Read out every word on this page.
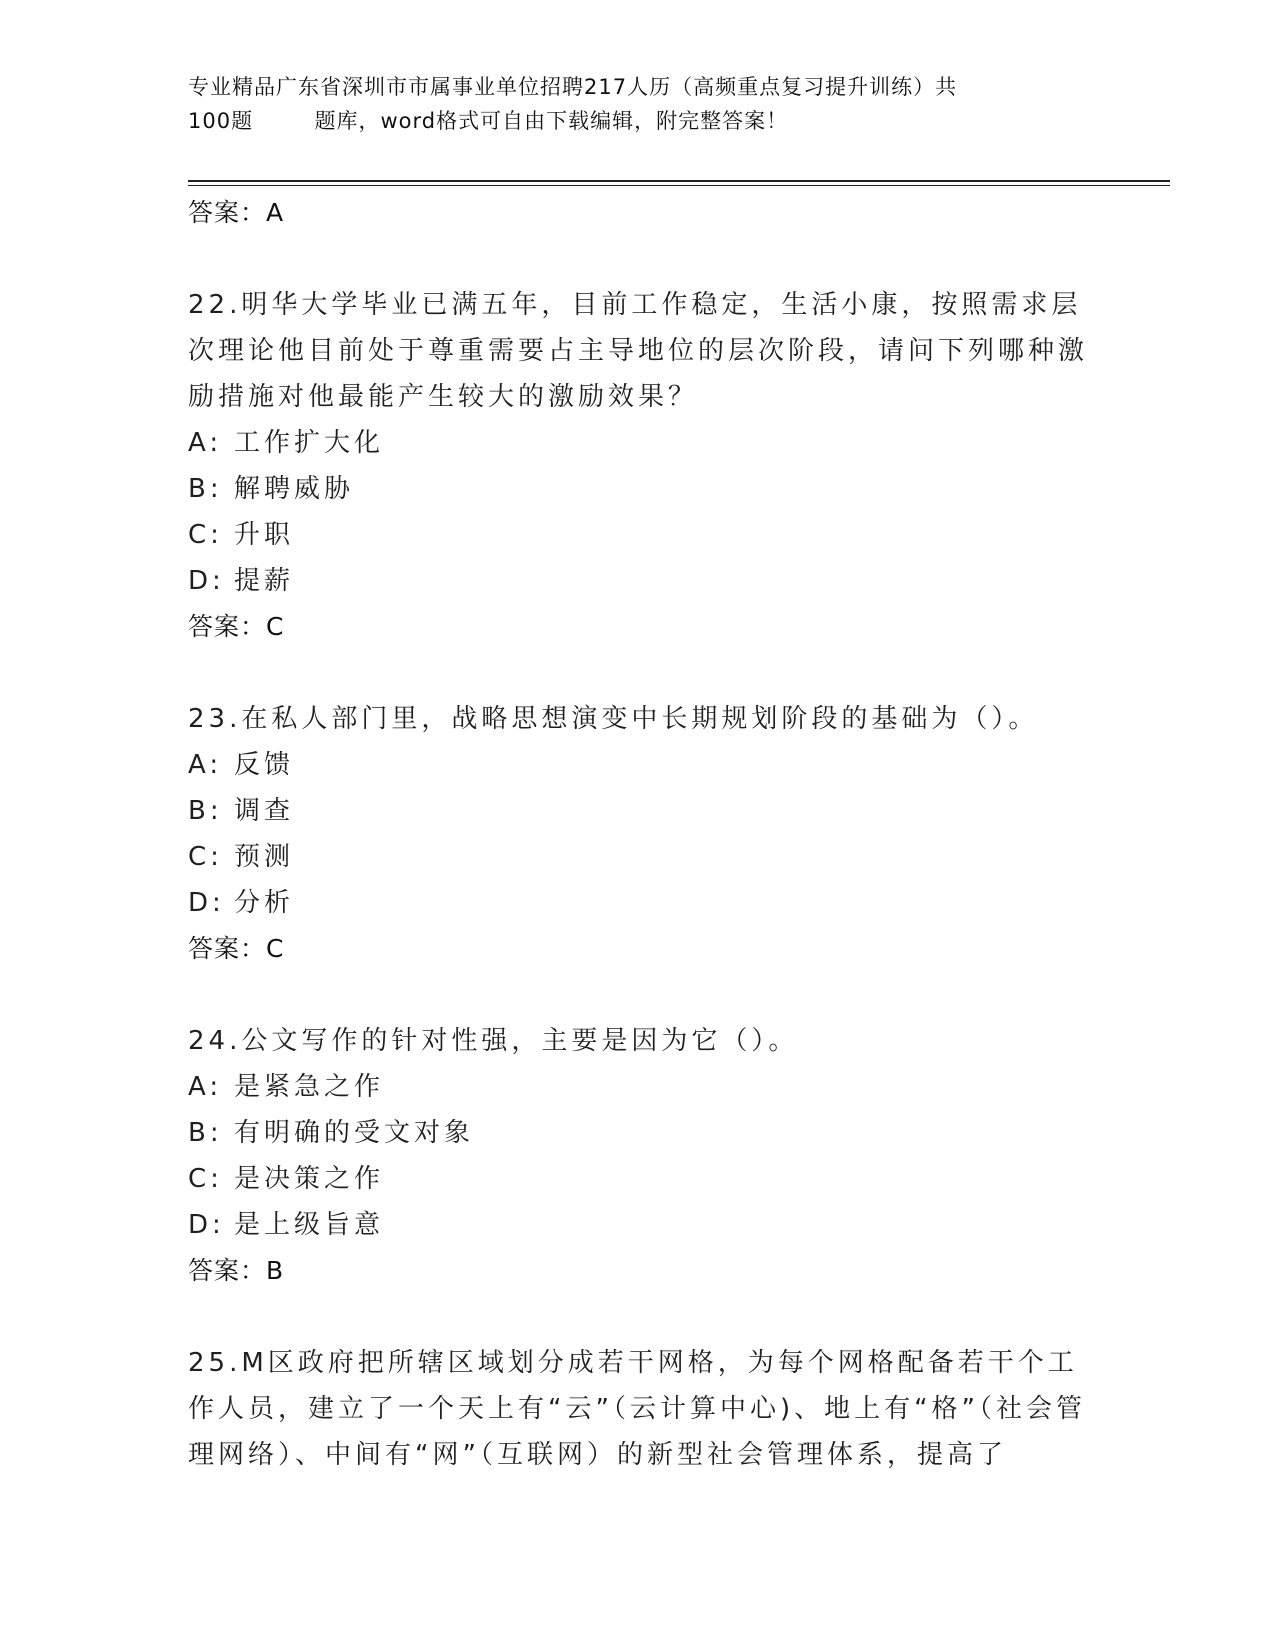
专业精品广东省深圳市市属事业单位招聘217人历（高频重点复习提升训练）共
100题        题库，word格式可自由下载编辑，附完整答案！
答案：A
22.明华大学毕业已满五年，目前工作稳定，生活小康，按照需求层次理论他目前处于尊重需要占主导地位的层次阶段，请问下列哪种激励措施对他最能产生较大的激励效果？
A: 工作扩大化
B: 解聘威胁
C: 升职
D: 提薪
答案：C
23.在私人部门里，战略思想演变中长期规划阶段的基础为（）。
A: 反馈
B: 调查
C: 预测
D: 分析
答案：C
24.公文写作的针对性强，主要是因为它（）。
A: 是紧急之作
B: 有明确的受文对象
C: 是决策之作
D: 是上级旨意
答案：B
25.M区政府把所辖区域划分成若干网格，为每个网格配备若干个工作人员，建立了一个天上有“云”（云计算中心)、地上有“格”（社会管理网络）、中间有“网”（互联网）的新型社会管理体系，提高了
